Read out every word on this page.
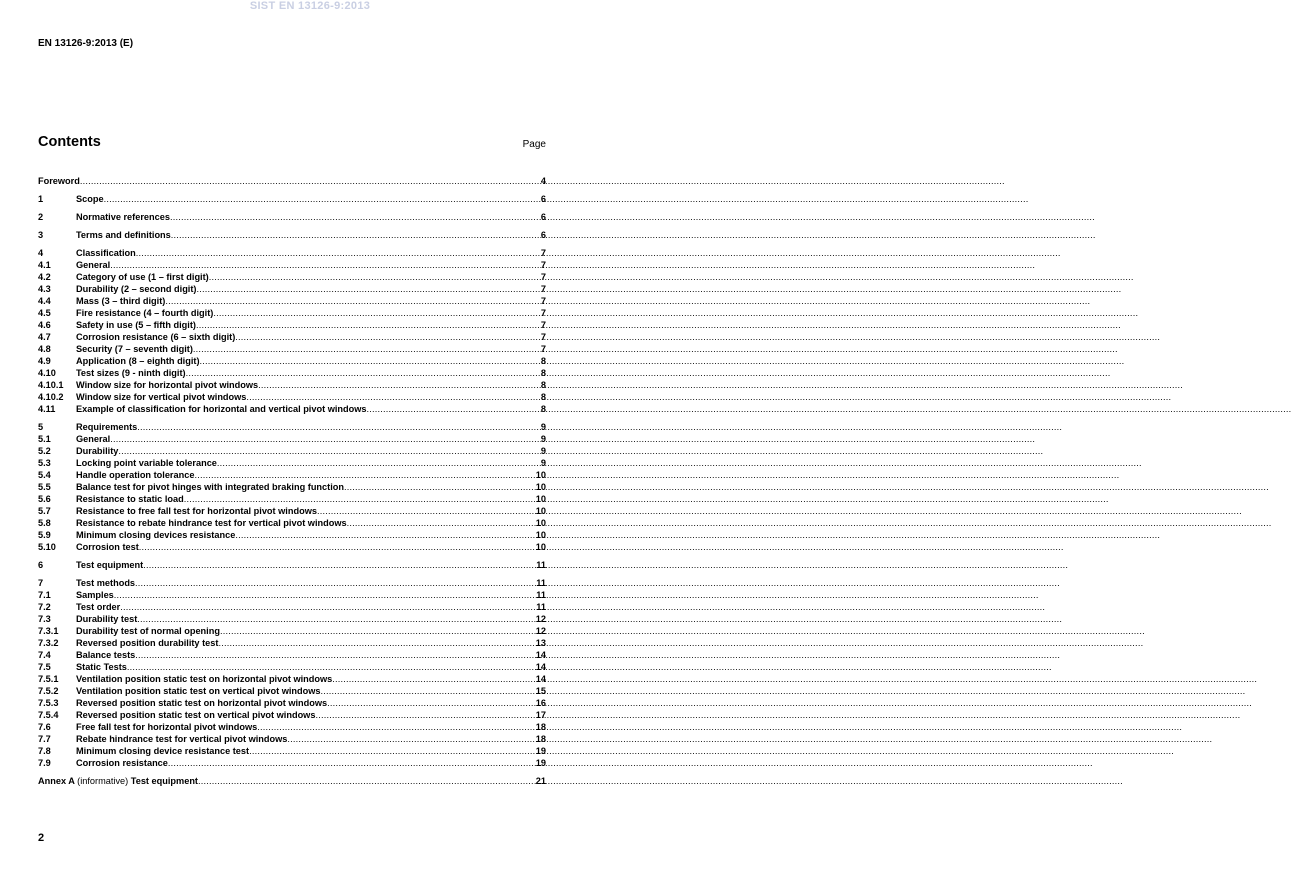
SIST EN 13126-9:2013
EN 13126-9:2013 (E)
Contents	Page
Foreword .....	4
1	Scope .....	6
2	Normative references .....	6
3	Terms and definitions .....	6
4	Classification .....	7
4.1	General .....	7
4.2	Category of use (1 – first digit) .....	7
4.3	Durability (2 – second digit) .....	7
4.4	Mass (3 – third digit) .....	7
4.5	Fire resistance (4 – fourth digit) .....	7
4.6	Safety in use (5 – fifth digit) .....	7
4.7	Corrosion resistance (6 – sixth digit) .....	7
4.8	Security (7 – seventh digit) .....	7
4.9	Application (8 – eighth digit) .....	8
4.10	Test sizes (9 - ninth digit) .....	8
4.10.1	Window size for horizontal pivot windows .....	8
4.10.2	Window size for vertical pivot windows .....	8
4.11	Example of classification for horizontal and vertical pivot windows .....	8
5	Requirements .....	9
5.1	General .....	9
5.2	Durability .....	9
5.3	Locking point variable tolerance .....	9
5.4	Handle operation tolerance .....	10
5.5	Balance test for pivot hinges with integrated braking function .....	10
5.6	Resistance to static load .....	10
5.7	Resistance to free fall test for horizontal pivot windows .....	10
5.8	Resistance to rebate hindrance test for vertical pivot windows .....	10
5.9	Minimum closing devices resistance .....	10
5.10	Corrosion test .....	10
6	Test equipment .....	11
7	Test methods .....	11
7.1	Samples .....	11
7.2	Test order .....	11
7.3	Durability test .....	12
7.3.1	Durability test of normal opening .....	12
7.3.2	Reversed position durability test .....	13
7.4	Balance tests .....	14
7.5	Static Tests .....	14
7.5.1	Ventilation position static test on horizontal pivot windows .....	14
7.5.2	Ventilation position static test on vertical pivot windows .....	15
7.5.3	Reversed position static test on horizontal pivot windows .....	16
7.5.4	Reversed position static test on vertical pivot windows .....	17
7.6	Free fall test for horizontal pivot windows .....	18
7.7	Rebate hindrance test for vertical pivot windows .....	18
7.8	Minimum closing device resistance test .....	19
7.9	Corrosion resistance .....	19
Annex A (informative) Test equipment .....	21
2
